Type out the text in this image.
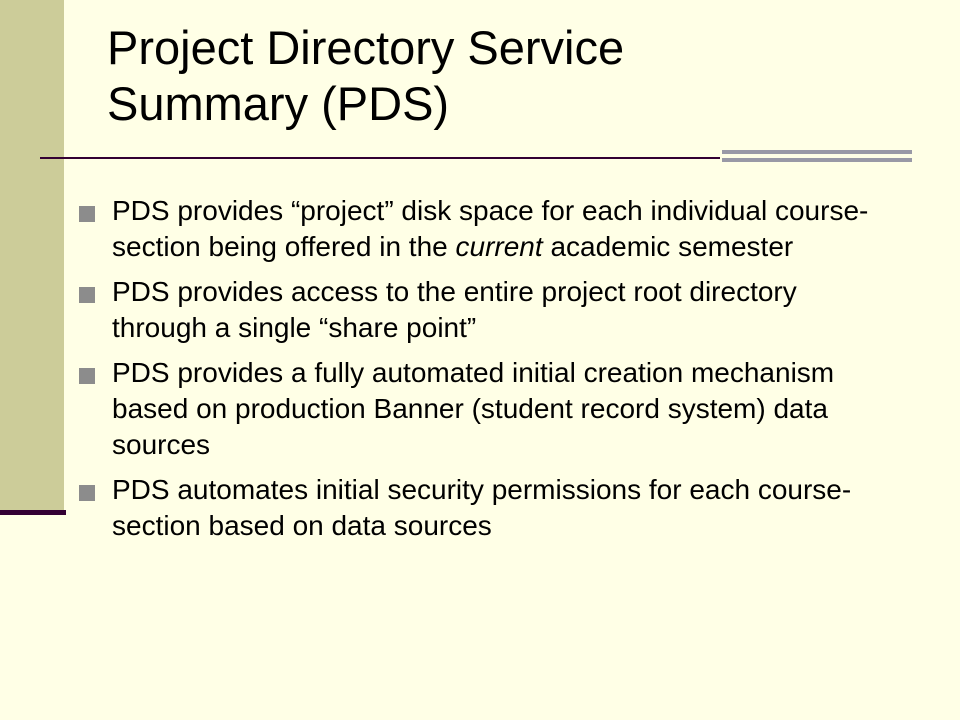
Project Directory Service
Summary (PDS)
PDS provides “project” disk space for each individual course-section being offered in the current academic semester
PDS provides access to the entire project root directory through a single “share point”
PDS provides a fully automated initial creation mechanism based on production Banner (student record system) data sources
PDS automates initial security permissions for each course-section based on data sources
